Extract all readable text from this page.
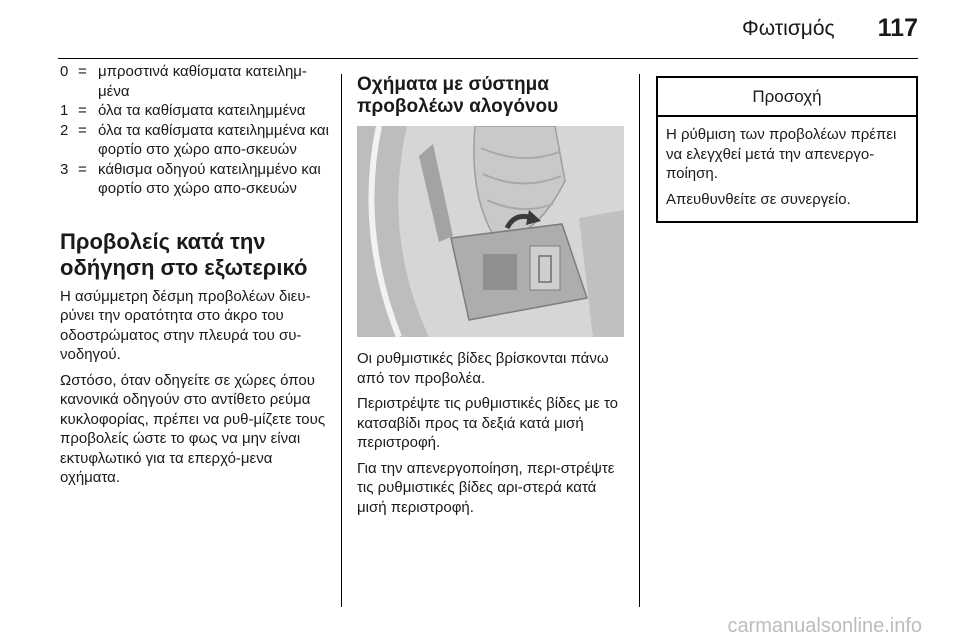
Φωτισμός 117
0 = μπροστινά καθίσματα κατειλημ-μένα
1 = όλα τα καθίσματα κατειλημμένα
2 = όλα τα καθίσματα κατειλημμένα και φορτίο στο χώρο απο-σκευών
3 = κάθισμα οδηγού κατειλημμένο και φορτίο στο χώρο απο-σκευών
Προβολείς κατά την οδήγηση στο εξωτερικό

Η ασύμμετρη δέσμη προβολέων διευ-ρύνει την ορατότητα στο άκρο του οδοστρώματος στην πλευρά του συ-νοδηγού.

Ωστόσο, όταν οδηγείτε σε χώρες όπου κανονικά οδηγούν στο αντίθετο ρεύμα κυκλοφορίας, πρέπει να ρυθ-μίζετε τους προβολείς ώστε το φως να μην είναι εκτυφλωτικό για τα επερχό-μενα οχήματα.

Οχήματα με σύστημα προβολέων αλογόνου

Οι ρυθμιστικές βίδες βρίσκονται πάνω από τον προβολέα.

Περιστρέψτε τις ρυθμιστικές βίδες με το κατσαβίδι προς τα δεξιά κατά μισή περιστροφή.

Για την απενεργοποίηση, περι-στρέψτε τις ρυθμιστικές βίδες αρι-στερά κατά μισή περιστροφή.

Προσοχή

Η ρύθμιση των προβολέων πρέπει να ελεγχθεί μετά την απενεργο-ποίηση.

Απευθυνθείτε σε συνεργείο.

carmanualsonline.info
